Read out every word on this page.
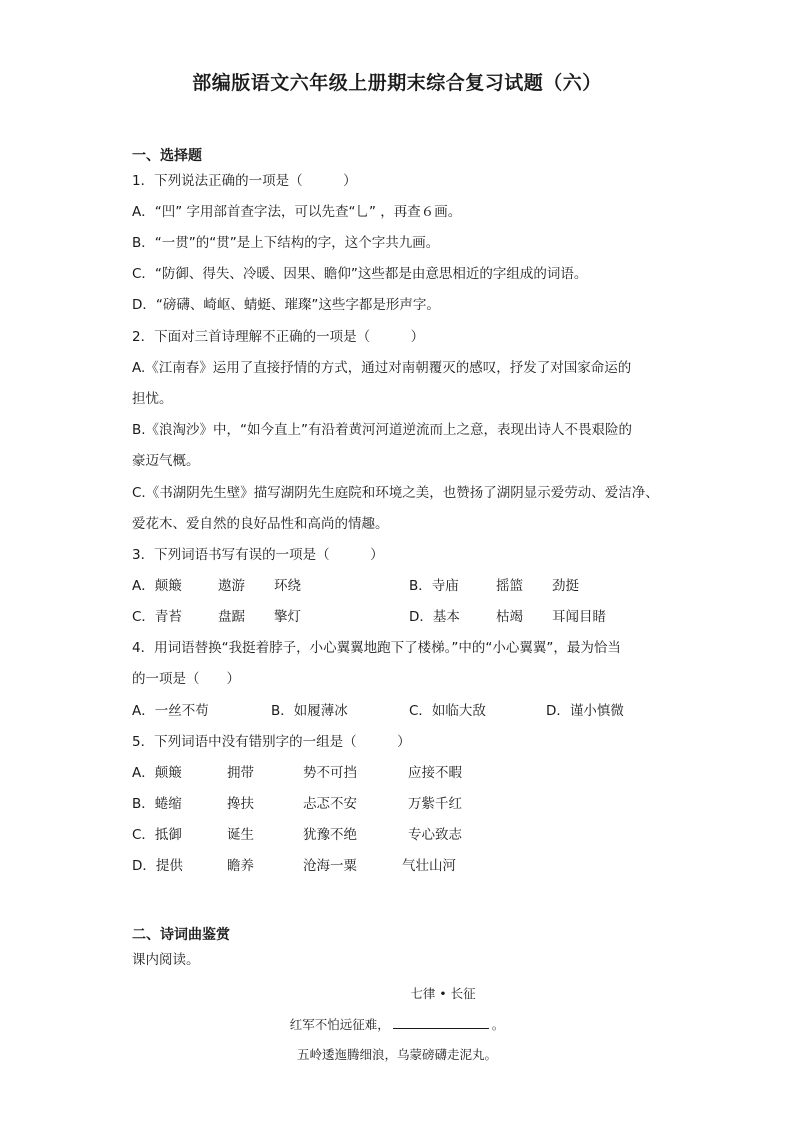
部编版语文六年级上册期末综合复习试题（六）
一、选择题
1．下列说法正确的一项是（　　　）
A．“凹” 字用部首查字法，可以先查“乚” ，再查６画。
B．“一贯”的“贯”是上下结构的字，这个字共九画。
C．“防御、得失、冷暖、因果、瞻仰”这些都是由意思相近的字组成的词语。
D．“磅礴、崎岖、蜻蜓、璀璨”这些字都是形声字。
2．下面对三首诗理解不正确的一项是（　　　）
A.《江南春》运用了直接抒情的方式，通过对南朝覆灭的感叹，抒发了对国家命运的
担忧。
B.《浪淘沙》中，“如今直上”有沿着黄河河道逆流而上之意，表现出诗人不畏艰险的
豪迈气概。
C.《书湖阴先生壁》描写湖阴先生庭院和环境之美，也赞扬了湖阴显示爱劳动、爱洁净、
爱花木、爱自然的良好品性和高尚的情趣。
3．下列词语书写有误的一项是（　　　）
A．颠簸	遨游 环绕	B．寺庙	摇篮 劲挺
C．青苔	盘踞 擎灯	D．基本	枯竭 耳闻目睹
4．用词语替换“我挺着脖子，小心翼翼地跑下了楼梯。”中的“小心翼翼”，最为恰当
的一项是（　　）
A．一丝不苟	B．如履薄冰	C．如临大敌	D．谨小慎微
5．下列词语中没有错别字的一组是（　　　）
A．颠簸	拥带	势不可挡	应接不暇
B．蜷缩	搀扶	忐忑不安	万紫千红
C．抵御	诞生	犹豫不绝	专心致志
D．提供	瞻养	沧海一粟	气壮山河
二、诗词曲鉴赏
课内阅读。
七律 • 长征
红军不怕远征难，	。
五岭逶迤腾细浪，乌蒙磅礴走泥丸。
